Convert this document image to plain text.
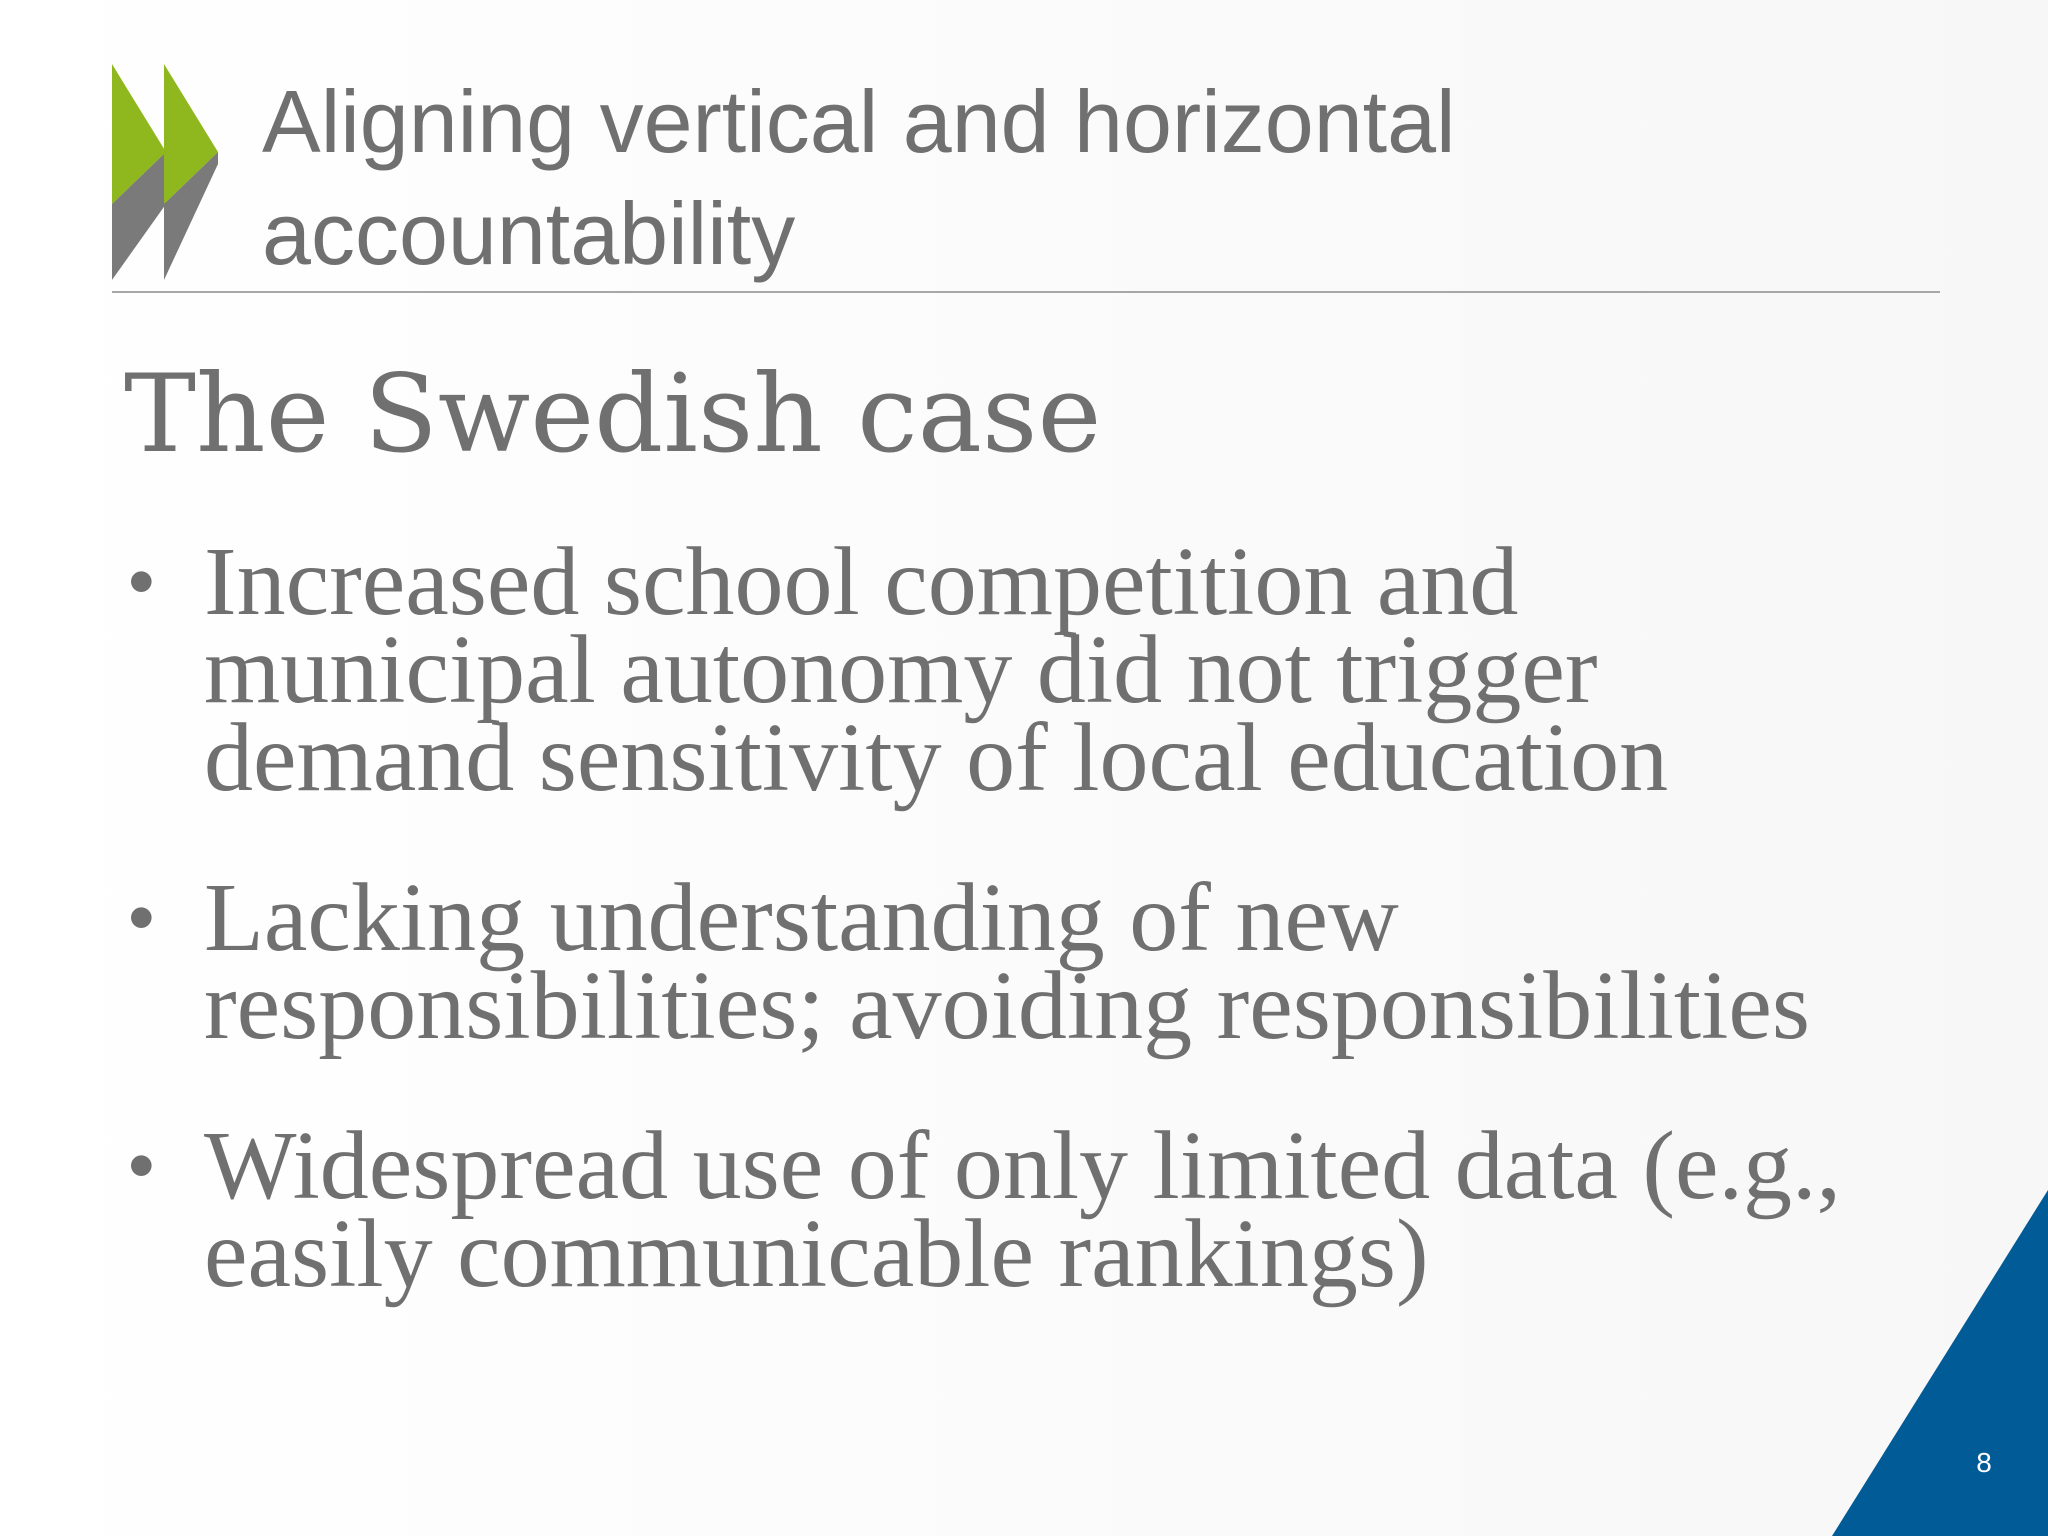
Aligning vertical and horizontal accountability
The Swedish case
• Increased school competition and
municipal autonomy did not trigger
demand sensitivity of local education
• Lacking understanding of new
responsibilities; avoiding responsibilities
• Widespread use of only limited data (e.g.,
easily communicable rankings)
8
